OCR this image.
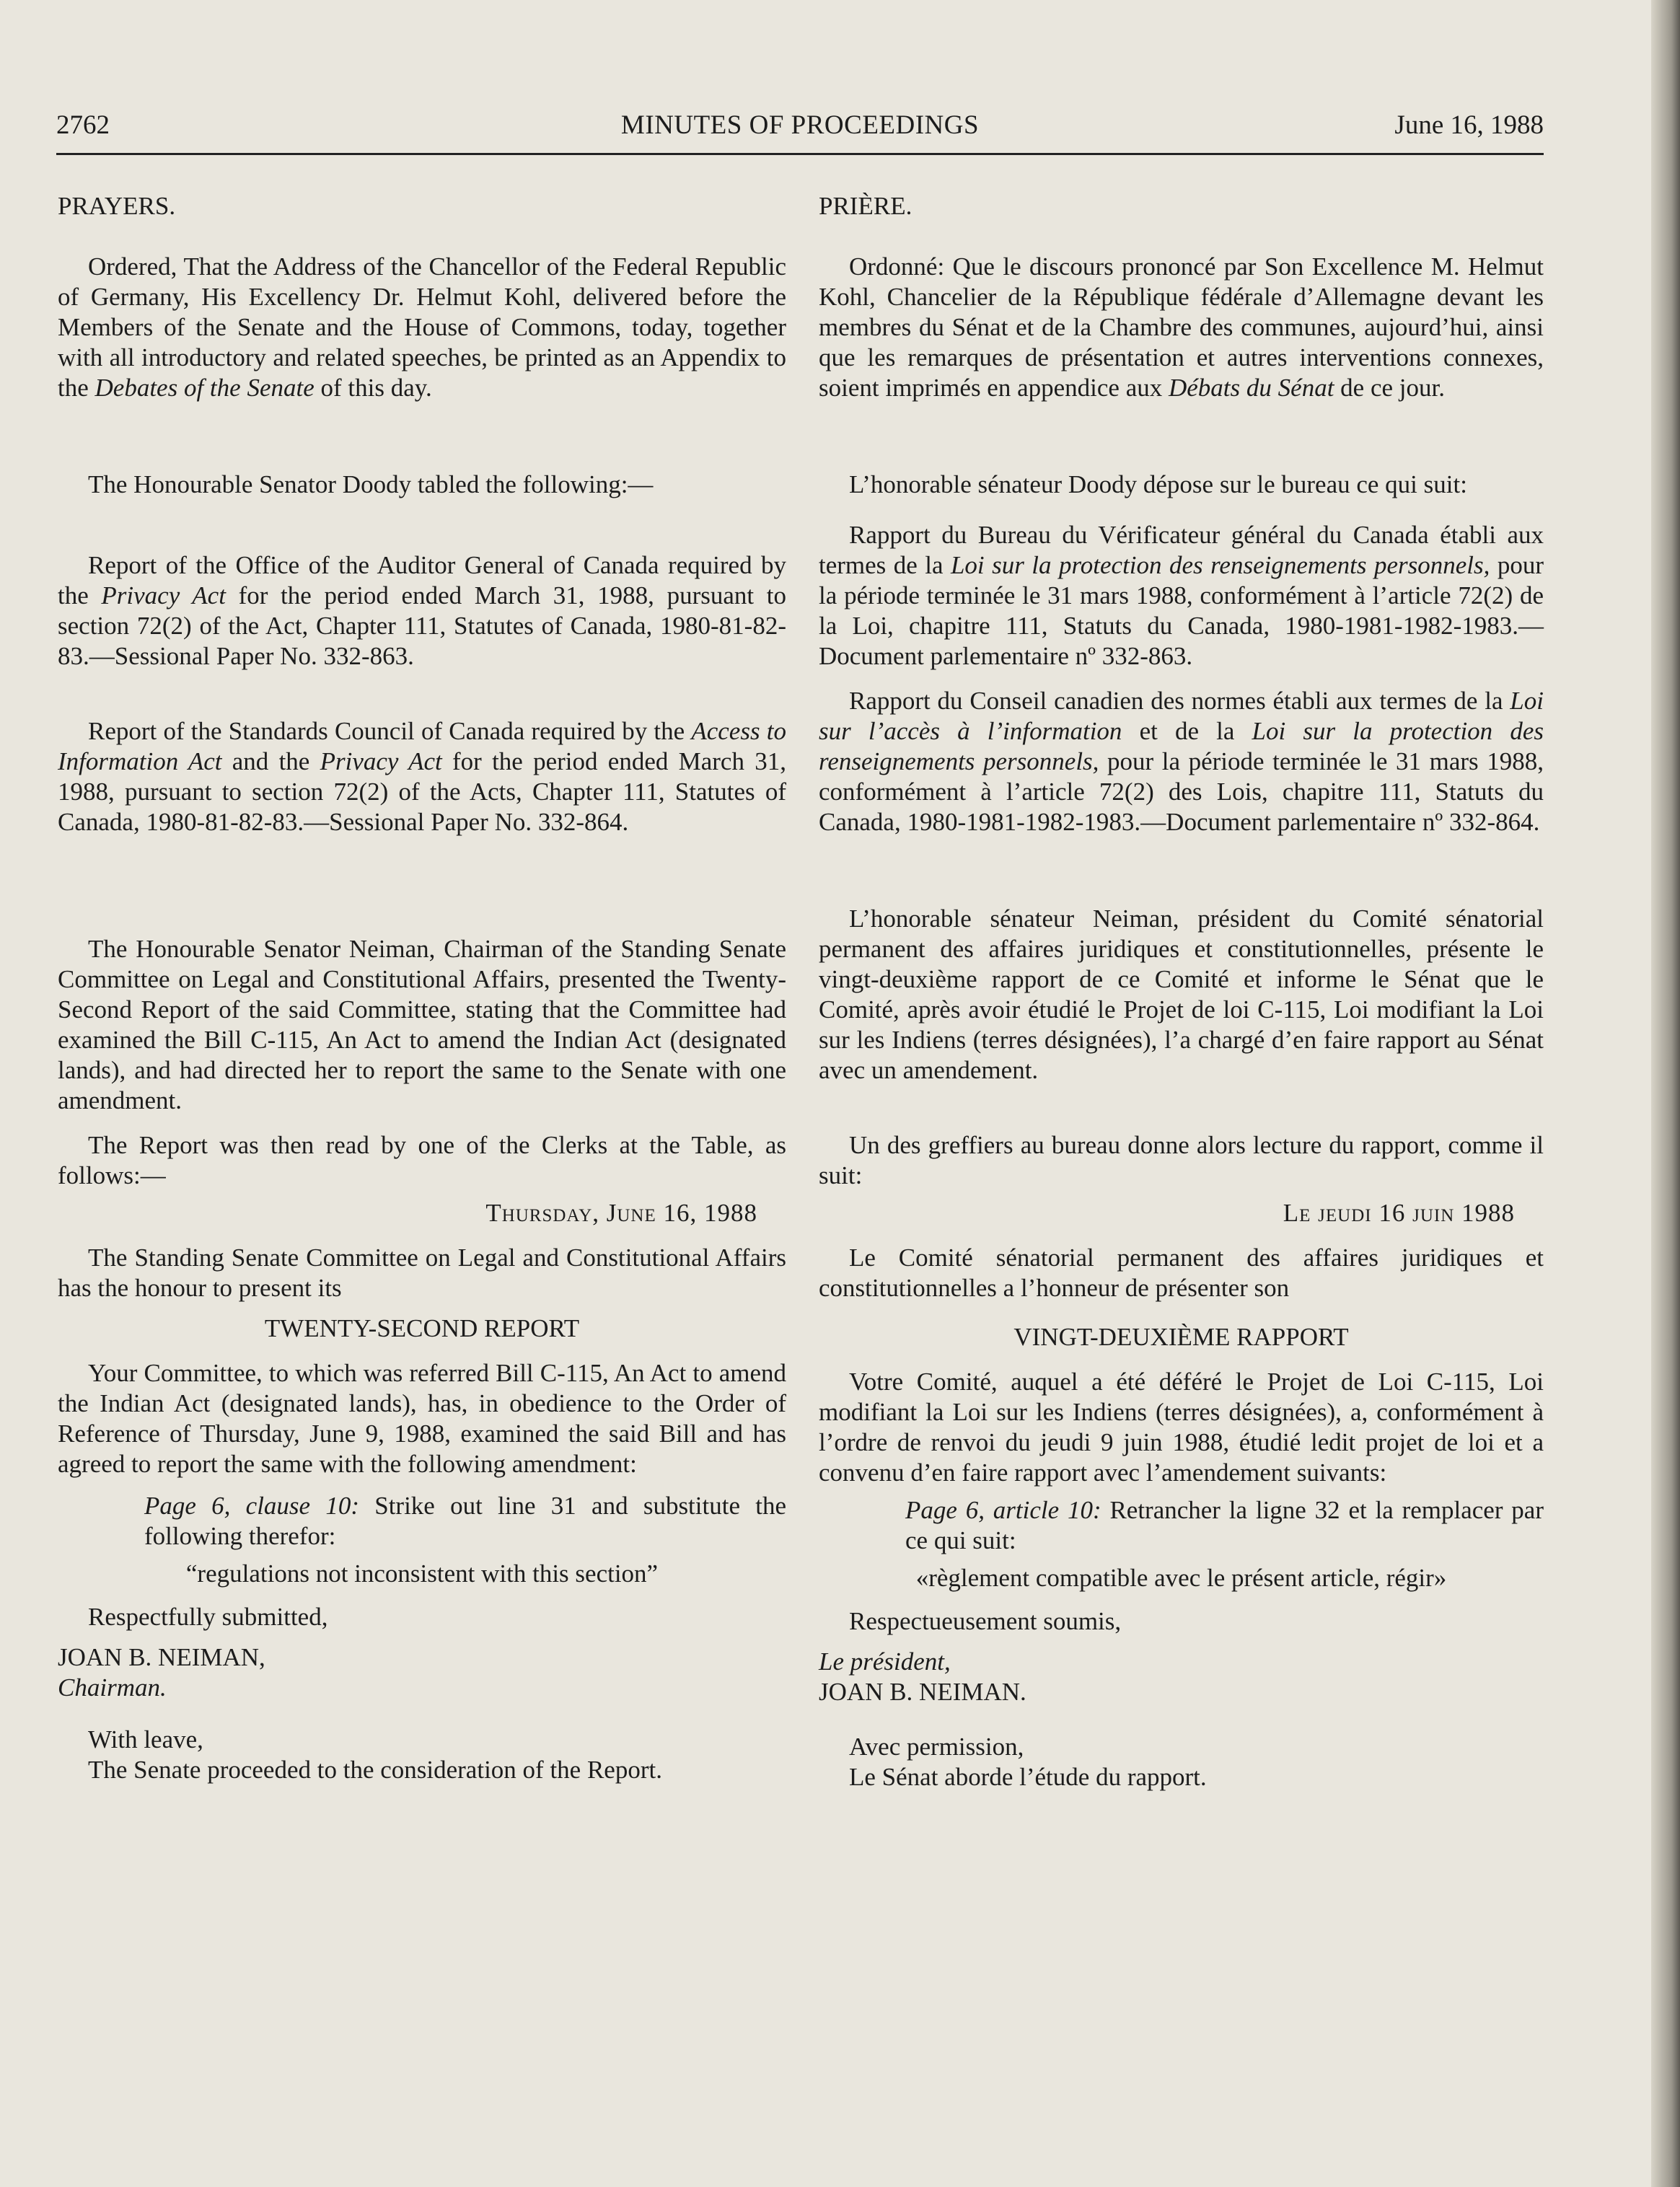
2762	MINUTES OF PROCEEDINGS	June 16, 1988

PRAYERS.

Ordered, That the Address of the Chancellor of the Federal Republic of Germany, His Excellency Dr. Helmut Kohl, delivered before the Members of the Senate and the House of Commons, today, together with all introductory and related speeches, be printed as an Appendix to the Debates of the Senate of this day.

The Honourable Senator Doody tabled the following:—

Report of the Office of the Auditor General of Canada required by the Privacy Act for the period ended March 31, 1988, pursuant to section 72(2) of the Act, Chapter 111, Statutes of Canada, 1980-81-82-83.—Sessional Paper No. 332-863.

Report of the Standards Council of Canada required by the Access to Information Act and the Privacy Act for the period ended March 31, 1988, pursuant to section 72(2) of the Acts, Chapter 111, Statutes of Canada, 1980-81-82-83.—Sessional Paper No. 332-864.

The Honourable Senator Neiman, Chairman of the Standing Senate Committee on Legal and Constitutional Affairs, presented the Twenty- Second Report of the said Committee, stating that the Committee had examined the Bill C-115, An Act to amend the Indian Act (designated lands), and had directed her to report the same to the Senate with one amendment.

The Report was then read by one of the Clerks at the Table, as follows:—

Thursday, June 16, 1988

The Standing Senate Committee on Legal and Constitutional Affairs has the honour to present its

TWENTY-SECOND REPORT

Your Committee, to which was referred Bill C-115, An Act to amend the Indian Act (designated lands), has, in obedience to the Order of Reference of Thursday, June 9, 1988, examined the said Bill and has agreed to report the same with the following amendment:

Page 6, clause 10: Strike out line 31 and substitute the following therefor:

“regulations not inconsistent with this section”

Respectfully submitted,

JOAN B. NEIMAN,

Chairman.

With leave,

The Senate proceeded to the consideration of the Report.

PRIÈRE.

Ordonné: Que le discours prononcé par Son Excellence M. Helmut Kohl, Chancelier de la République fédérale d’Allemagne devant les membres du Sénat et de la Chambre des communes, aujourd’hui, ainsi que les remarques de présentation et autres interventions connexes, soient imprimés en appendice aux Débats du Sénat de ce jour.

L’honorable sénateur Doody dépose sur le bureau ce qui suit:

Rapport du Bureau du Vérificateur général du Canada établi aux termes de la Loi sur la protection des renseignements personnels, pour la période terminée le 31 mars 1988, conformément à l’article 72(2) de la Loi, chapitre 111, Statuts du Canada, 1980-1981-1982-1983.—Document parlementaire nº 332-863.

Rapport du Conseil canadien des normes établi aux termes de la Loi sur l’accès à l’information et de la Loi sur la protection des renseignements personnels, pour la période terminée le 31 mars 1988, conformément à l’article 72(2) des Lois, chapitre 111, Statuts du Canada, 1980-1981-1982-1983.—Document parlementaire nº 332-864.

L’honorable sénateur Neiman, président du Comité sénatorial permanent des affaires juridiques et constitutionnelles, présente le vingt-deuxième rapport de ce Comité et informe le Sénat que le Comité, après avoir étudié le Projet de loi C-115, Loi modifiant la Loi sur les Indiens (terres désignées), l’a chargé d’en faire rapport au Sénat avec un amendement.

Un des greffiers au bureau donne alors lecture du rapport, comme il suit:

Le jeudi 16 juin 1988

Le Comité sénatorial permanent des affaires juridiques et constitutionnelles a l’honneur de présenter son

VINGT-DEUXIÈME RAPPORT

Votre Comité, auquel a été déféré le Projet de Loi C-115, Loi modifiant la Loi sur les Indiens (terres désignées), a, conformément à l’ordre de renvoi du jeudi 9 juin 1988, étudié ledit projet de loi et a convenu d’en faire rapport avec l’amendement suivants:

Page 6, article 10: Retrancher la ligne 32 et la remplacer par ce qui suit:

«règlement compatible avec le présent article, régir»

Respectueusement soumis,

Le président,

JOAN B. NEIMAN.

Avec permission,

Le Sénat aborde l’étude du rapport.
